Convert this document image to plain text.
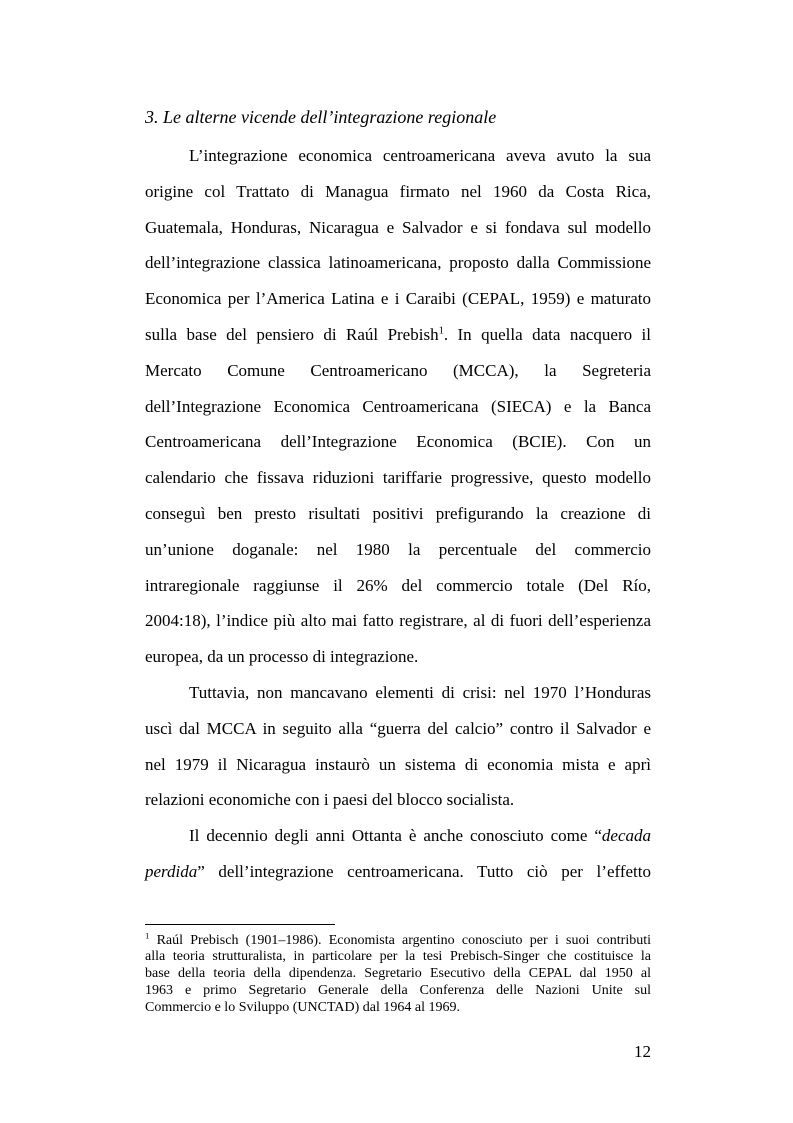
3. Le alterne vicende dell’integrazione regionale
L’integrazione economica centroamericana aveva avuto la sua
origine col Trattato di Managua firmato nel 1960 da Costa Rica,
Guatemala, Honduras, Nicaragua e Salvador e si fondava sul modello
dell’integrazione classica latinoamericana, proposto dalla Commissione
Economica per l’America Latina e i Caraibi (CEPAL, 1959) e maturato
sulla base del pensiero di Raúl Prebish$^1$. In quella data nacquero il
Mercato Comune Centroamericano (MCCA), la Segreteria
dell’Integrazione Economica Centroamericana (SIECA) e la Banca
Centroamericana dell’Integrazione Economica (BCIE). Con un
calendario che fissava riduzioni tariffarie progressive, questo modello
conseguì ben presto risultati positivi prefigurando la creazione di
un’unione doganale: nel 1980 la percentuale del commercio
intraregionale raggiunse il 26% del commercio totale (Del Río,
2004:18), l’indice più alto mai fatto registrare, al di fuori dell’esperienza
europea, da un processo di integrazione.
Tuttavia, non mancavano elementi di crisi: nel 1970 l’Honduras
uscì dal MCCA in seguito alla “guerra del calcio” contro il Salvador e
nel 1979 il Nicaragua instaurò un sistema di economia mista e aprì
relazioni economiche con i paesi del blocco socialista.
Il decennio degli anni Ottanta è anche conosciuto come “decada
perdida” dell’integrazione centroamericana. Tutto ciò per l’effetto
$^1$ Raúl Prebisch (1901–1986). Economista argentino conosciuto per i suoi contributi
alla teoria strutturalista, in particolare per la tesi Prebisch-Singer che costituisce la
base della teoria della dipendenza. Segretario Esecutivo della CEPAL dal 1950 al
1963 e primo Segretario Generale della Conferenza delle Nazioni Unite sul
Commercio e lo Sviluppo (UNCTAD) dal 1964 al 1969.
12
